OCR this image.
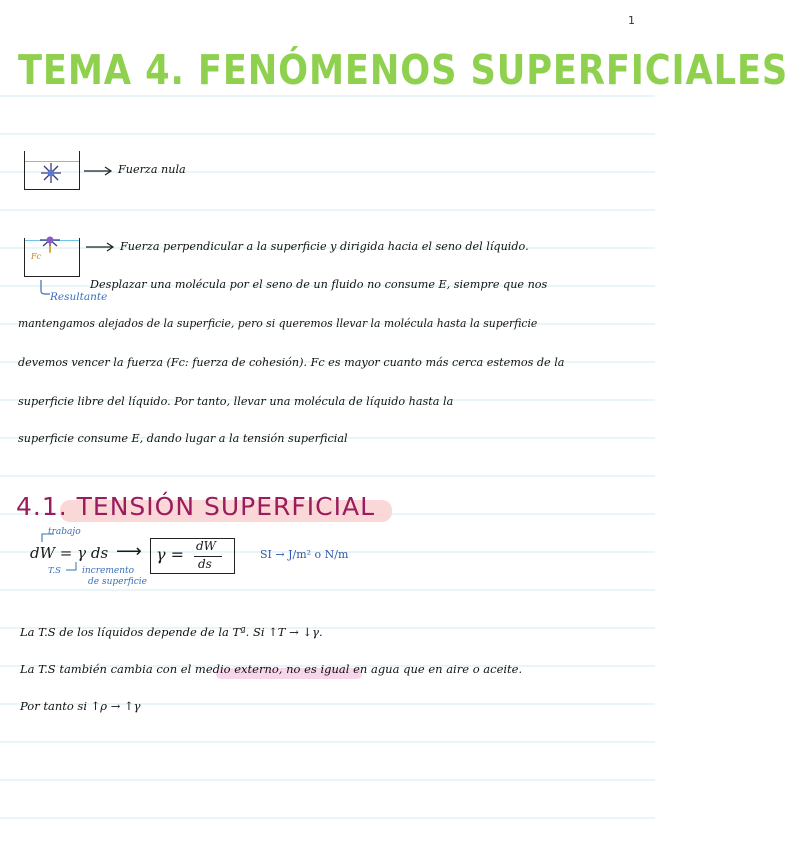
1
TEMA 4. FENÓMENOS SUPERFICIALES
Fuerza nula
Fc
Fuerza perpendicular a la superficie y dirigida hacia el seno del líquido.
Resultante
Desplazar una molécula por el seno de un fluido no consume E, siempre que nos
mantengamos alejados de la superficie, pero si queremos llevar la molécula hasta la superficie
devemos vencer la fuerza (Fc: fuerza de cohesión). Fc es mayor cuanto más cerca estemos de la
superficie libre del líquido. Por tanto, llevar una molécula de líquido hasta la
superficie consume E, dando lugar a la tensión superficial
4.1. TENSIÓN SUPERFICIAL
trabajo
dW = γ ds ⟶ γ = dW
ds
SI → J/m² o N/m
T.S incremento
de superficie
La T.S de los líquidos depende de la Tª. Si ↑T → ↓γ.
La T.S también cambia con el medio externo, no es igual en agua que en aire o aceite.
Por tanto si ↑ρ → ↑γ
